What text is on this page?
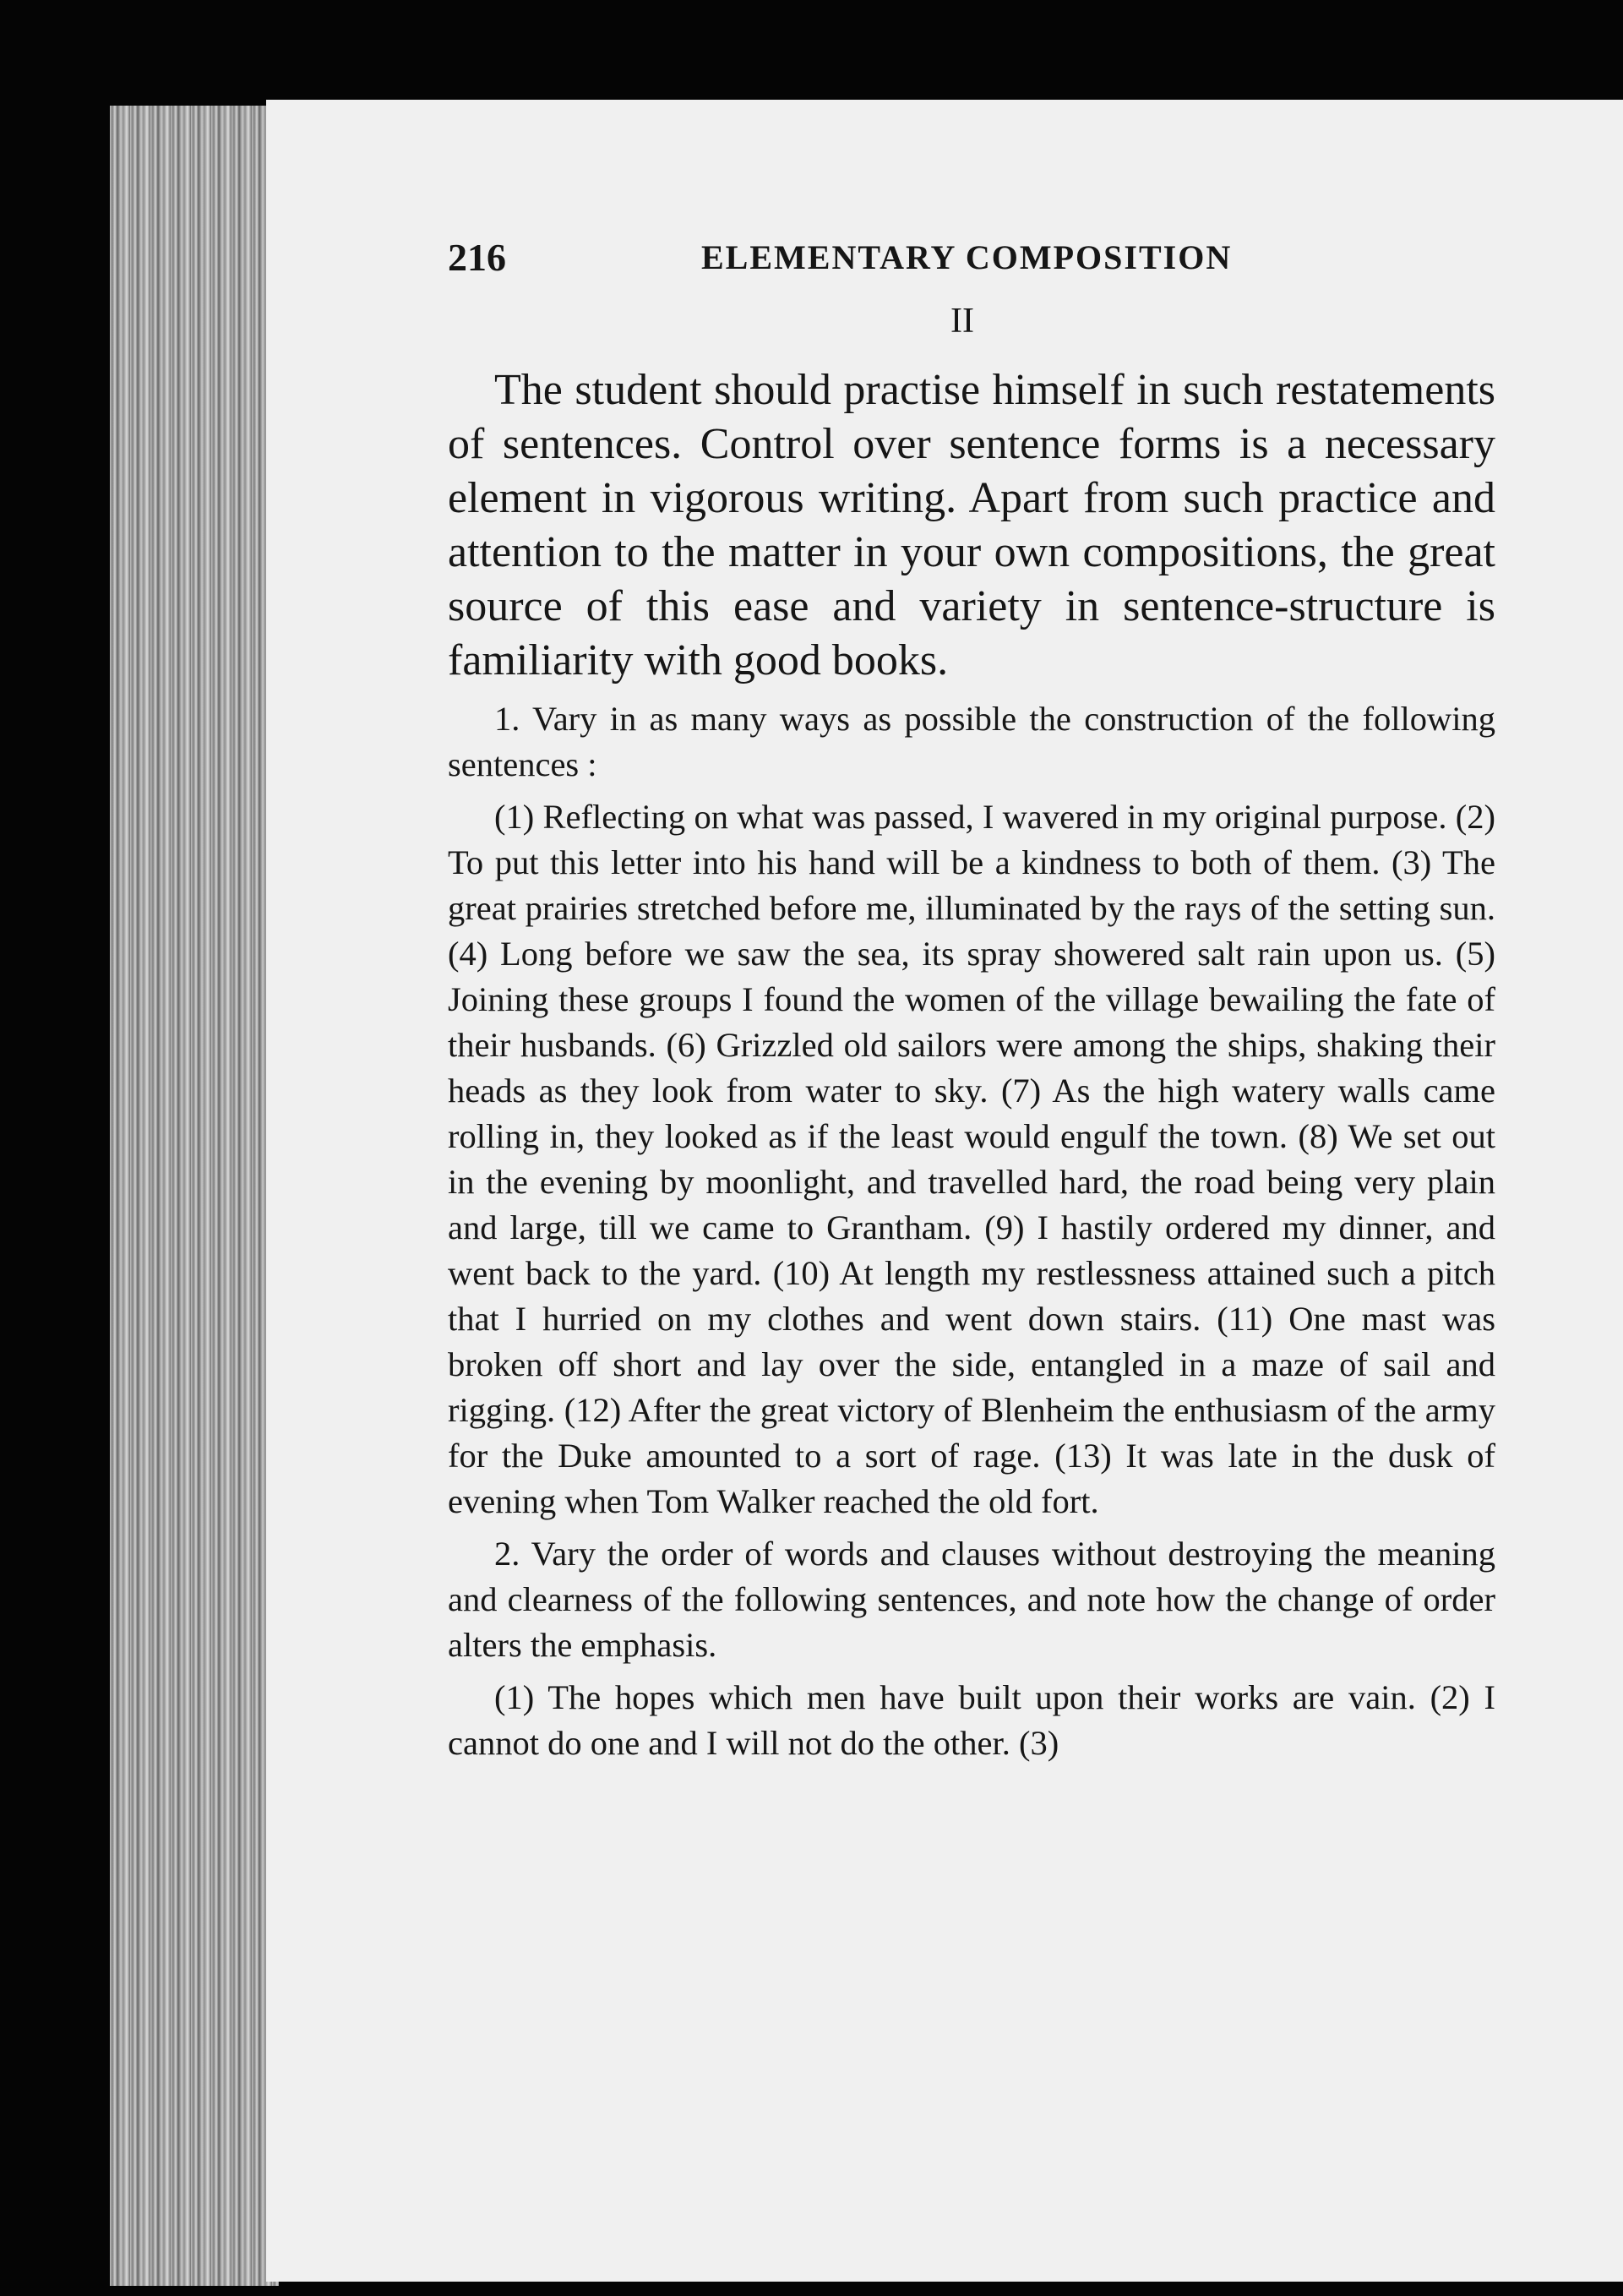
216	ELEMENTARY COMPOSITION
II

The student should practise himself in such restatements of sentences. Control over sentence forms is a necessary element in vigorous writing. Apart from such practice and attention to the matter in your own compositions, the great source of this ease and variety in sentence-structure is familiarity with good books.

1. Vary in as many ways as possible the construction of the following sentences :

(1) Reflecting on what was passed, I wavered in my original purpose. (2) To put this letter into his hand will be a kindness to both of them. (3) The great prairies stretched before me, illuminated by the rays of the setting sun. (4) Long before we saw the sea, its spray showered salt rain upon us. (5) Joining these groups I found the women of the village bewailing the fate of their husbands. (6) Grizzled old sailors were among the ships, shaking their heads as they look from water to sky. (7) As the high watery walls came rolling in, they looked as if the least would engulf the town. (8) We set out in the evening by moonlight, and travelled hard, the road being very plain and large, till we came to Grantham. (9) I hastily ordered my dinner, and went back to the yard. (10) At length my restlessness attained such a pitch that I hurried on my clothes and went down stairs. (11) One mast was broken off short and lay over the side, entangled in a maze of sail and rigging. (12) After the great victory of Blenheim the enthusiasm of the army for the Duke amounted to a sort of rage. (13) It was late in the dusk of evening when Tom Walker reached the old fort.

2. Vary the order of words and clauses without destroying the meaning and clearness of the following sentences, and note how the change of order alters the emphasis.

(1) The hopes which men have built upon their works are vain. (2) I cannot do one and I will not do the other. (3)
